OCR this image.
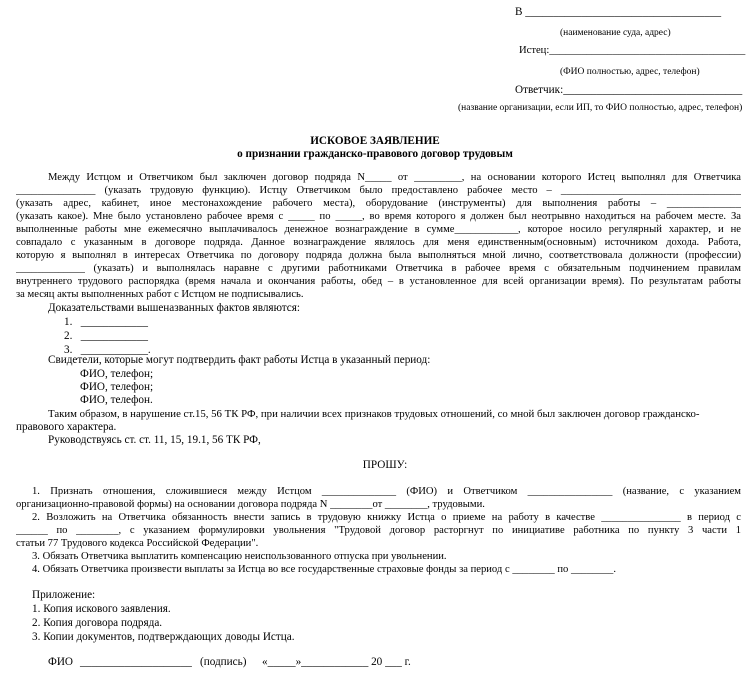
В ___________________________________
(наименование суда, адрес)
Истец:_____________________________________
(ФИО полностью, адрес, телефон)
Ответчик:________________________________
(название организации, если ИП, то ФИО полностью, адрес, телефон)
ИСКОВОЕ ЗАЯВЛЕНИЕ
о признании гражданско-правового договор трудовым
Между Истцом и Ответчиком был заключен договор подряда N_____ от _________, на основании которого Истец выполнял для Ответчика
_______________ (указать трудовую функцию). Истцу Ответчиком было предоставлено рабочее место – __________________________________
(указать адрес, кабинет, иное местонахождение рабочего места), оборудование (инструменты) для выполнения работы – ______________
(указать какое). Мне было установлено рабочее время с _____ по _____, во время которого я должен был неотрывно находиться на рабочем месте. За
выполненные работы мне ежемесячно выплачивалось денежное вознаграждение в сумме____________, которое носило регулярный характер, и не
совпадало с указанным в договоре подряда. Данное вознаграждение являлось для меня единственным(основным) источником дохода. Работа,
которую я выполнял в интересах Ответчика по договору подряда должна была выполняться мной лично, соответствовала должности (профессии)
_____________ (указать) и выполнялась наравне с другими работниками Ответчика в рабочее время с обязательным подчинением правилам
внутреннего трудового распорядка (время начала и окончания работы, обед – в установленное для всей организации время). По результатам работы
за месяц акты выполненных работ с Истцом не подписывались.
Доказательствами вышеназванных фактов являются:
1.   ____________
2.   ____________
3.   ____________.
Свидетели, которые могут подтвердить факт работы Истца в указанный период:
ФИО, телефон;
ФИО, телефон;
ФИО, телефон.
Таким образом, в нарушение ст.15, 56 ТК РФ, при наличии всех признаков трудовых отношений, со мной был заключен договор гражданско-
правового характера.
Руководствуясь ст. ст. 11, 15, 19.1, 56 ТК РФ,
ПРОШУ:
1. Признать отношения, сложившиеся между Истцом ______________ (ФИО) и Ответчиком ________________ (название, с указанием
организационно-правовой формы) на основании договора подряда N ________от ________, трудовыми.
2. Возложить на Ответчика обязанность внести запись в трудовую книжку Истца о приеме на работу в качестве _______________ в период с
______ по ________, с указанием формулировки увольнения "Трудовой договор расторгнут по инициативе работника по пункту 3 части 1
статьи 77 Трудового кодекса Российской Федерации".
3. Обязать Ответчика выплатить компенсацию неиспользованного отпуска при увольнении.
4. Обязать Ответчика произвести выплаты за Истца во все государственные страховые фонды за период с ________ по ________.
Приложение:
1. Копия искового заявления.
2. Копия договора подряда.
3. Копии документов, подтверждающих доводы Истца.
ФИО ____________________ (подпись) «_____»____________ 20 ___ г.
